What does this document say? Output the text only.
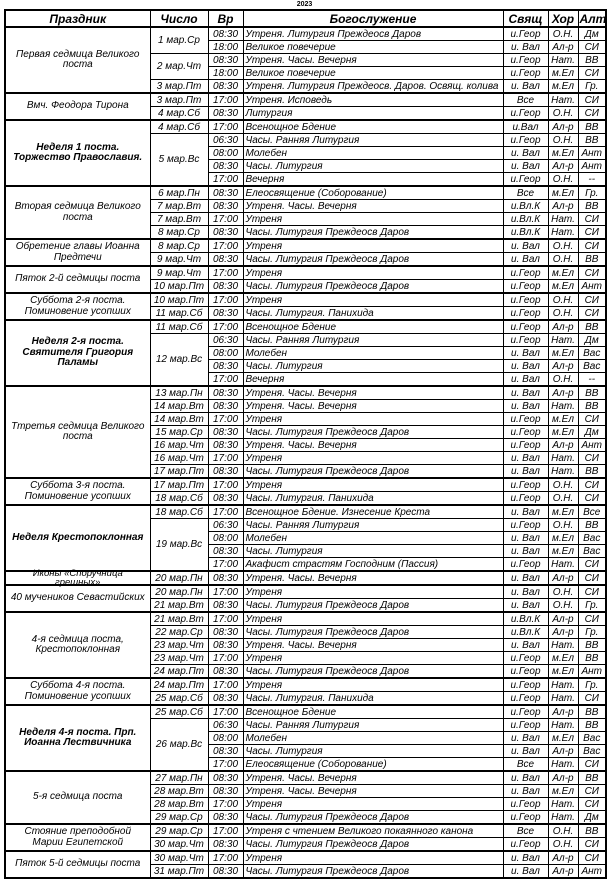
2023
Праздник	Число	Вр	Богослужение	Свящ	Хор	Алт
Первая седмица Великого поста	1 мар.Ср	08:30	Утреня. Литургия Преждеосв Даров	и.Геор	О.Н.	Дм
		18:00	Великое повечерие	и. Вал	Ал-р	СИ
	2 мар.Чт	08:30	Утреня. Часы. Вечерня	и.Геор	Нат.	ВВ
		18:00	Великое повечерие	и.Геор	м.Ел	СИ
	3 мар.Пт	08:30	Утреня. Литургия Преждеосв. Даров. Освящ. колива	и. Вал	м.Ел	Гр.
Вмч. Феодора Тирона	3 мар.Пт	17:00	Утреня. Исповедь	Все	Нат.	СИ
	4 мар.Сб	08:30	Литургия	и.Геор	О.Н.	СИ
Неделя 1 поста. Торжество Православия.	4 мар.Сб	17:00	Всенощное Бдение	и.Вал	Ал-р	ВВ
	5 мар.Вс	06:30	Часы. Ранняя Литургия	и.Геор	О.Н.	ВВ
		08:00	Молебен	и. Вал	м.Ел	Ант
		08:30	Часы. Литургия	и. Вал	Ал-р	Ант
		17:00	Вечерня	и.Геор	О.Н.	--
Вторая седмица Великого поста	6 мар.Пн	08:30	Елеосвящение (Соборование)	Все	м.Ел	Гр.
	7 мар.Вт	08:30	Утреня. Часы. Вечерня	и.Вл.К	Ал-р	ВВ
	7 мар.Вт	17:00	Утреня	и.Вл.К	Нат.	СИ
	8 мар.Ср	08:30	Часы. Литургия Преждеосв Даров	и.Вл.К	Нат.	СИ
Обретение главы Иоанна Предтечи	8 мар.Ср	17:00	Утреня	и. Вал	О.Н.	СИ
	9 мар.Чт	08:30	Часы. Литургия Преждеосв Даров	и. Вал	О.Н.	ВВ
Пяток 2-й седмицы поста	9 мар.Чт	17:00	Утреня	и.Геор	м.Ел	СИ
	10 мар.Пт	08:30	Часы. Литургия Преждеосв Даров	и.Геор	м.Ел	Ант
Суббота 2-я поста. Поминовение усопших	10 мар.Пт	17:00	Утреня	и.Геор	О.Н.	СИ
	11 мар.Сб	08:30	Часы. Литургия. Панихида	и.Геор	О.Н.	СИ
Неделя 2-я поста. Святителя Григория Паламы	11 мар.Сб	17:00	Всенощное Бдение	и.Геор	Ал-р	ВВ
	12 мар.Вс	06:30	Часы. Ранняя Литургия	и.Геор	Нат.	Дм
		08:00	Молебен	и. Вал	м.Ел	Вас
		08:30	Часы. Литургия	и. Вал	Ал-р	Вас
		17:00	Вечерня	и. Вал	О.Н.	--
Ттретья седмица Великого поста	13 мар.Пн	08:30	Утреня. Часы. Вечерня	и. Вал	Ал-р	ВВ
	14 мар.Вт	08:30	Утреня. Часы. Вечерня	и. Вал	Нат.	ВВ
	14 мар.Вт	17:00	Утреня	и.Геор	м.Ел	СИ
	15 мар.Ср	08:30	Часы. Литургия Преждеосв Даров	и.Геор	м.Ел	Дм
	16 мар.Чт	08:30	Утреня. Часы. Вечерня	и.Геор	Ал-р	Ант
	16 мар.Чт	17:00	Утреня	и. Вал	Нат.	СИ
	17 мар.Пт	08:30	Часы. Литургия Преждеосв Даров	и. Вал	Нат.	ВВ
Суббота 3-я поста. Поминовение усопших	17 мар.Пт	17:00	Утреня	и.Геор	О.Н.	СИ
	18 мар.Сб	08:30	Часы. Литургия. Панихида	и.Геор	О.Н.	СИ
Неделя Крестопоклонная	18 мар.Сб	17:00	Всенощное Бдение. Изнесение Креста	и. Вал	м.Ел	Все
	19 мар.Вс	06:30	Часы. Ранняя Литургия	и.Геор	О.Н.	ВВ
		08:00	Молебен	и. Вал	м.Ел	Вас
		08:30	Часы. Литургия	и. Вал	м.Ел	Вас
		17:00	Акафист страстям Господним (Пассия)	и.Геор	Нат.	СИ

Иконы «Споручница грешных»	20 мар.Пн	08:30	Утреня. Часы. Вечерня	и. Вал	Ал-р	СИ
40 мучеников Севастийских	20 мар.Пн	17:00	Утреня	и. Вал	О.Н.	СИ
	21 мар.Вт	08:30	Часы. Литургия Преждеосв Даров	и. Вал	О.Н.	Гр.
4-я седмица поста, Крестопоклонная	21 мар.Вт	17:00	Утреня	и.Вл.К	Ал-р	СИ
	22 мар.Ср	08:30	Часы. Литургия Преждеосв Даров	и.Вл.К	Ал-р	Гр.
	23 мар.Чт	08:30	Утреня. Часы. Вечерня	и. Вал	Нат.	ВВ
	23 мар.Чт	17:00	Утреня	и.Геор	м.Ел	ВВ
	24 мар.Пт	08:30	Часы. Литургия Преждеосв Даров	и.Геор	м.Ел	Ант
Суббота 4-я поста. Поминовение усопших	24 мар.Пт	17:00	Утреня	и.Геор	Нат.	Гр.
	25 мар.Сб	08:30	Часы. Литургия. Панихида	и.Геор	Нат.	СИ
Неделя 4-я поста. Прп. Иоанна Лествичника	25 мар.Сб	17:00	Всенощное Бдение	и.Геор	Ал-р	ВВ
	26 мар.Вс	06:30	Часы. Ранняя Литургия	и.Геор	Нат.	ВВ
		08:00	Молебен	и. Вал	м.Ел	Вас
		08:30	Часы. Литургия	и. Вал	Ал-р	Вас
		17:00	Елеосвящение (Соборование)	Все	Нат.	СИ
5-я седмица поста	27 мар.Пн	08:30	Утреня. Часы. Вечерня	и. Вал	Ал-р	ВВ
	28 мар.Вт	08:30	Утреня. Часы. Вечерня	и. Вал	м.Ел	СИ
	28 мар.Вт	17:00	Утреня	и.Геор	Нат.	СИ
	29 мар.Ср	08:30	Часы. Литургия Преждеосв Даров	и.Геор	Нат.	Дм
Стояние преподобной Марии Египетской	29 мар.Ср	17:00	Утреня с чтением Великого покаянного канона	Все	О.Н.	ВВ
	30 мар.Чт	08:30	Часы. Литургия Преждеосв Даров	и.Геор	О.Н.	СИ
Пяток 5-й седмицы поста	30 мар.Чт	17:00	Утреня	и. Вал	Ал-р	СИ
	31 мар.Пт	08:30	Часы. Литургия Преждеосв Даров	и. Вал	Ал-р	Ант
